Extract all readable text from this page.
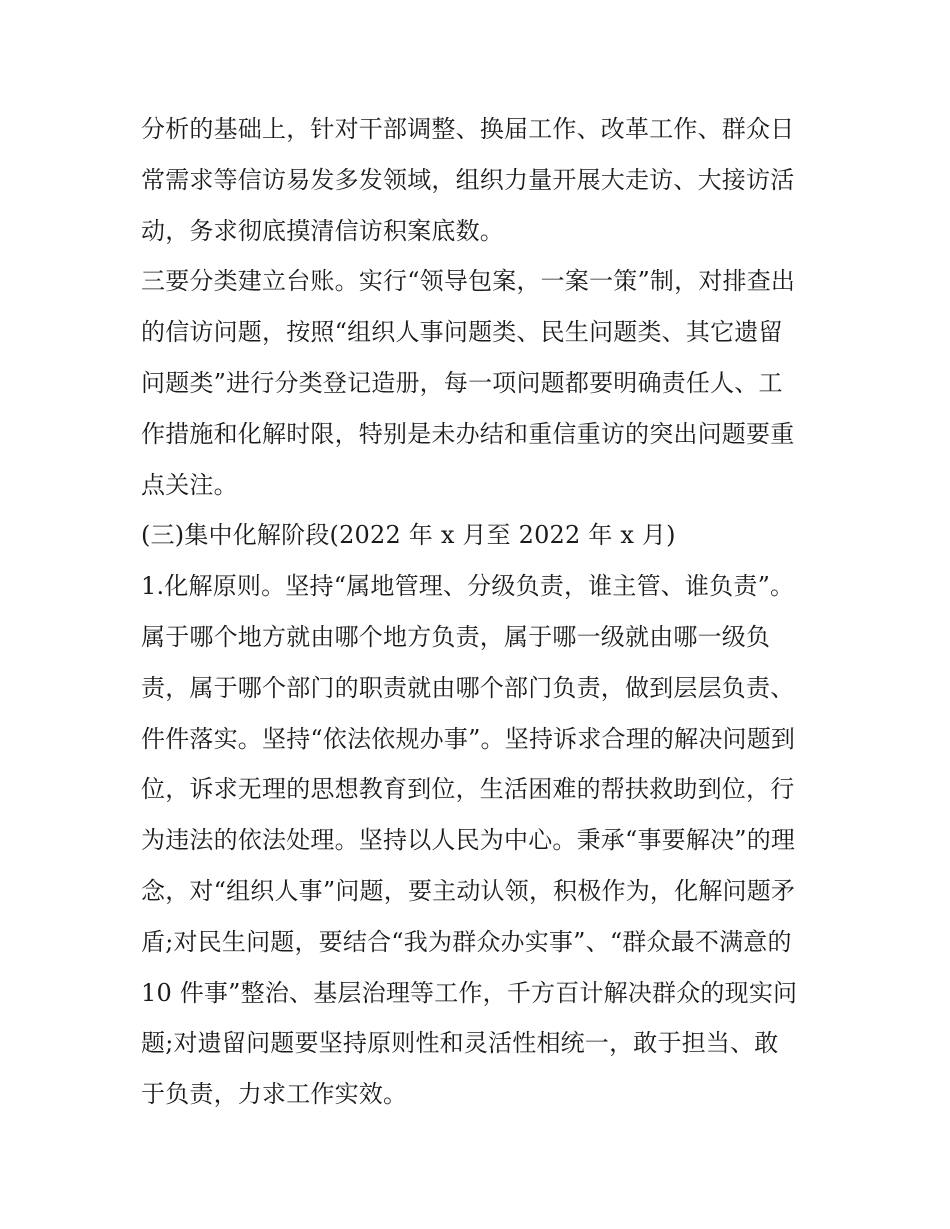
分析的基础上，针对干部调整、换届工作、改革工作、群众日
常需求等信访易发多发领域，组织力量开展大走访、大接访活
动，务求彻底摸清信访积案底数。
三要分类建立台账。实行“领导包案，一案一策”制，对排查出
的信访问题，按照“组织人事问题类、民生问题类、其它遗留
问题类”进行分类登记造册，每一项问题都要明确责任人、工
作措施和化解时限，特别是未办结和重信重访的突出问题要重
点关注。
(三)集中化解阶段(2022 年 x 月至 2022 年 x 月)
1.化解原则。坚持“属地管理、分级负责，谁主管、谁负责”。
属于哪个地方就由哪个地方负责，属于哪一级就由哪一级负
责，属于哪个部门的职责就由哪个部门负责，做到层层负责、
件件落实。坚持“依法依规办事”。坚持诉求合理的解决问题到
位，诉求无理的思想教育到位，生活困难的帮扶救助到位，行
为违法的依法处理。坚持以人民为中心。秉承“事要解决”的理
念，对“组织人事”问题，要主动认领，积极作为，化解问题矛
盾;对民生问题，要结合“我为群众办实事”、“群众最不满意的
10 件事”整治、基层治理等工作，千方百计解决群众的现实问
题;对遗留问题要坚持原则性和灵活性相统一，敢于担当、敢
于负责，力求工作实效。
